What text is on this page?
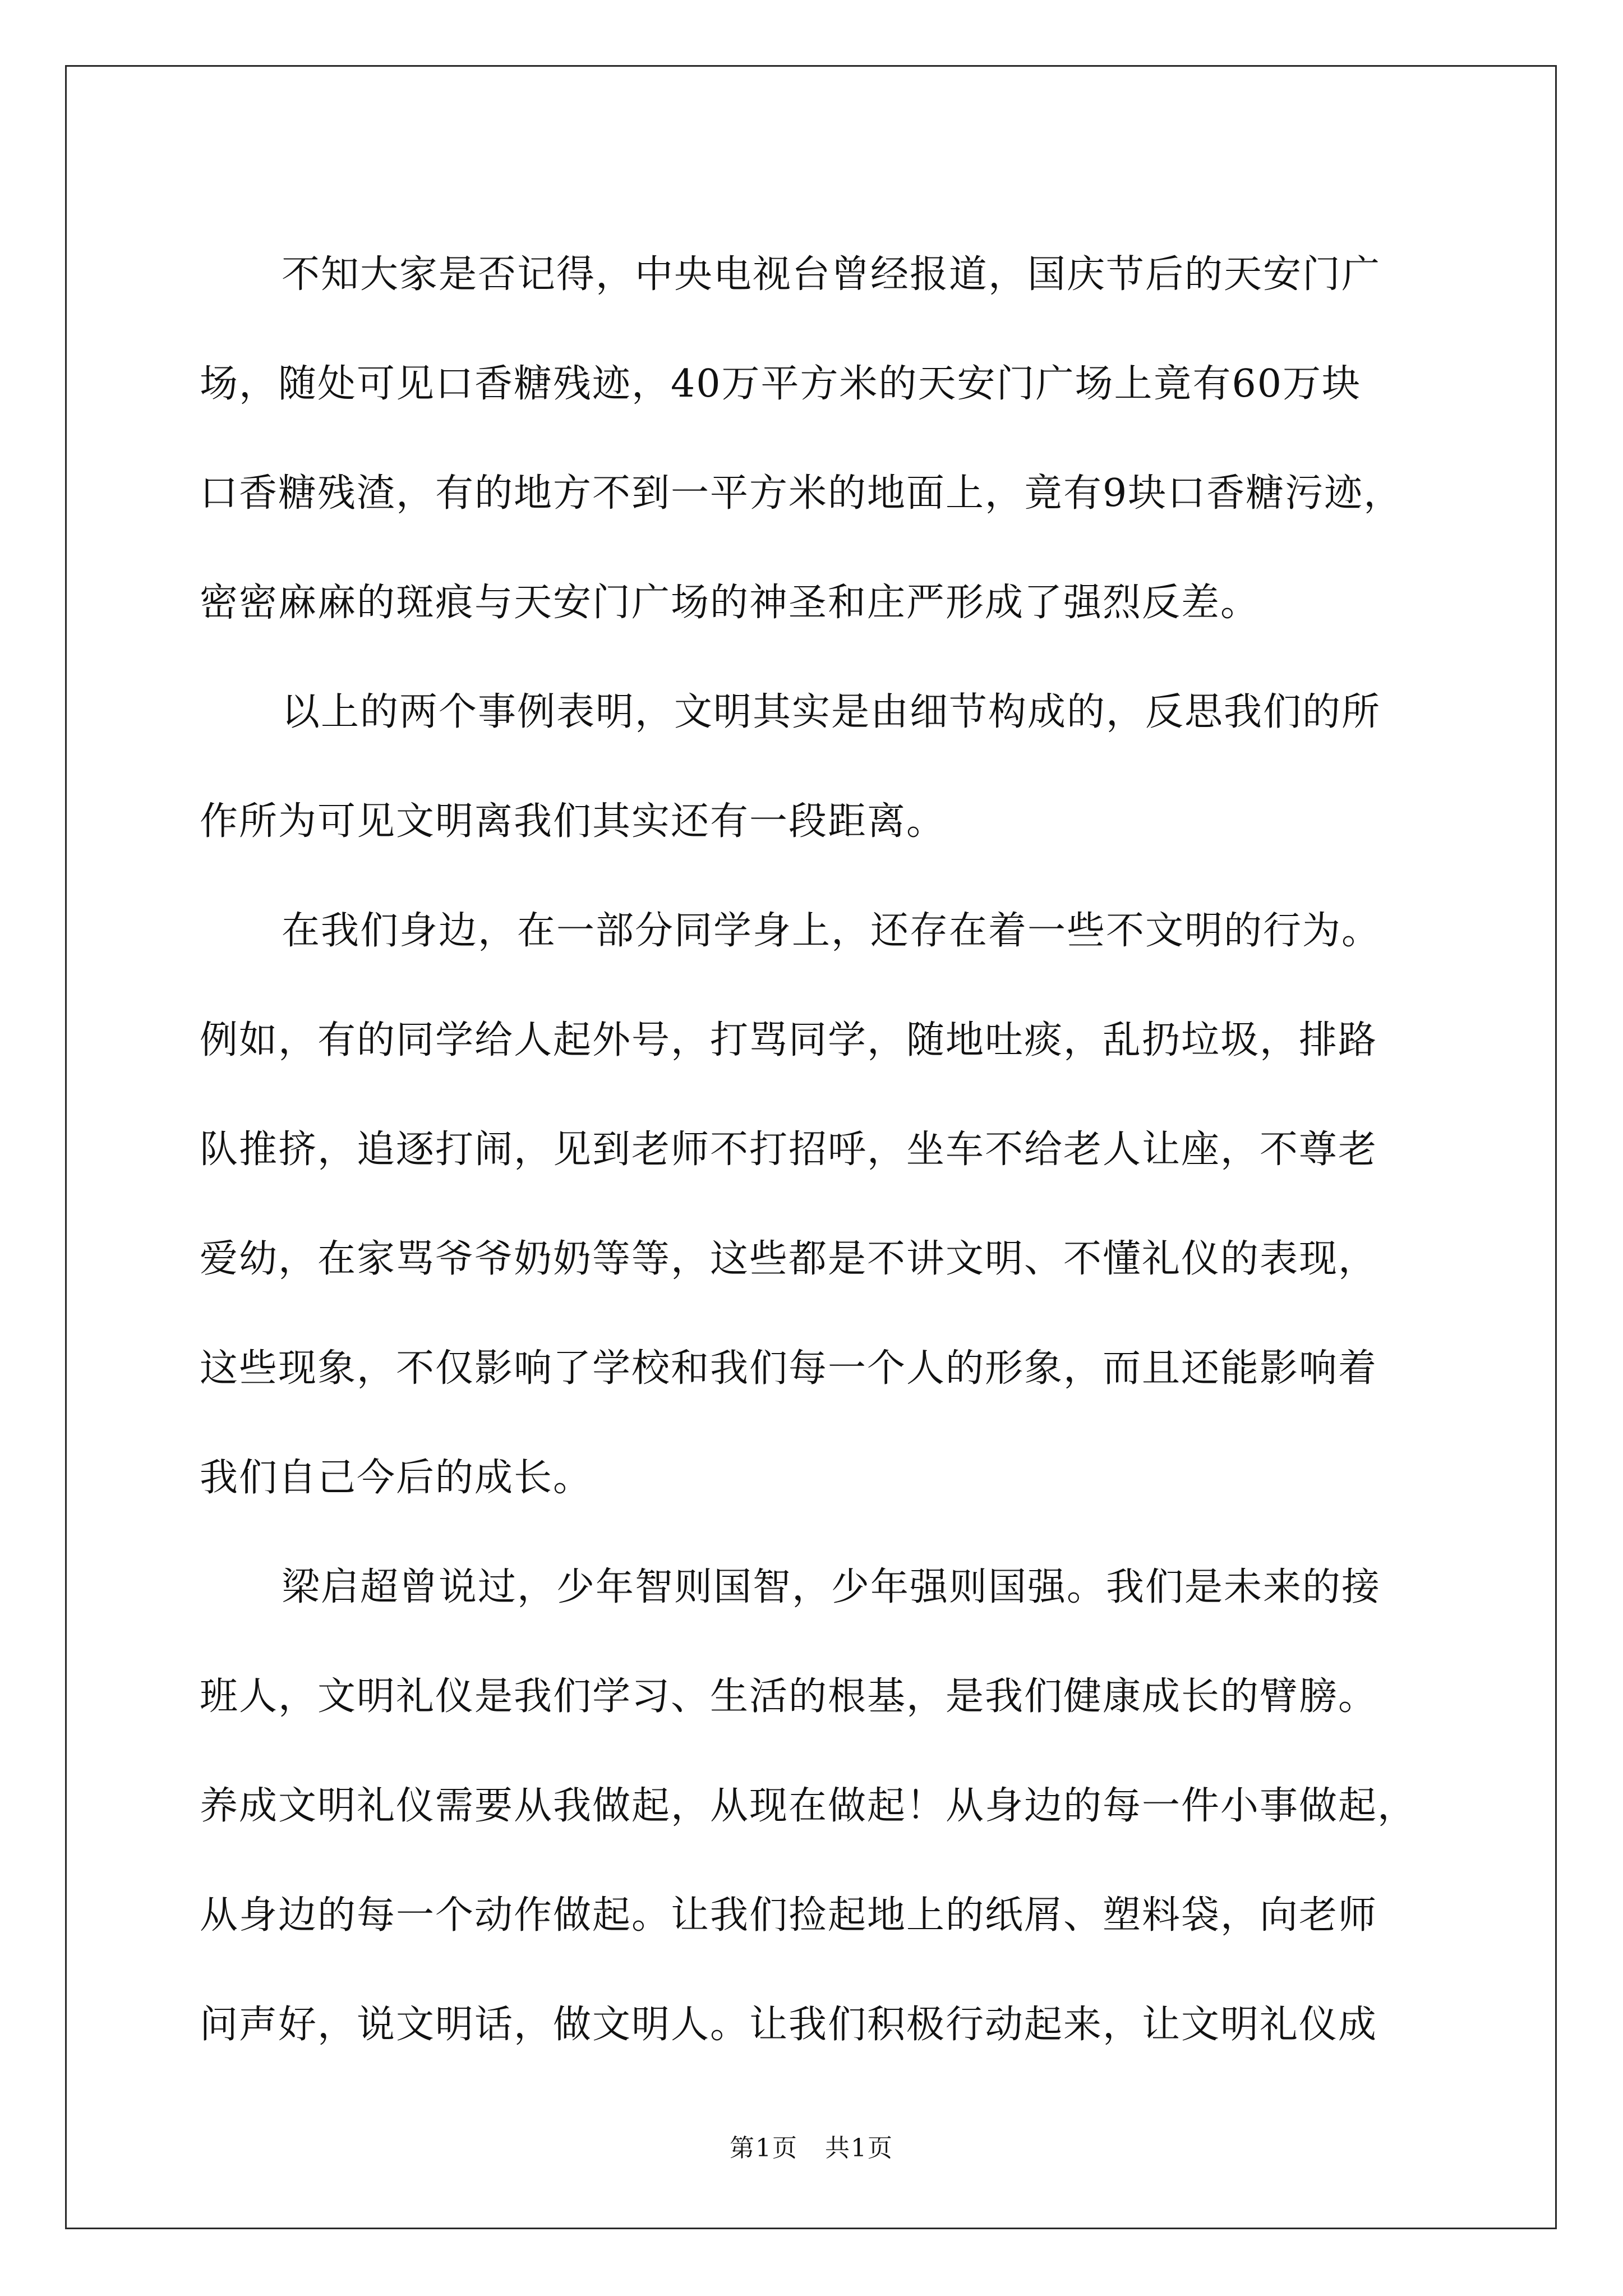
不知大家是否记得，中央电视台曾经报道，国庆节后的天安门广
场，随处可见口香糖残迹，40万平方米的天安门广场上竟有60万块
口香糖残渣，有的地方不到一平方米的地面上，竟有9块口香糖污迹，
密密麻麻的斑痕与天安门广场的神圣和庄严形成了强烈反差。
以上的两个事例表明，文明其实是由细节构成的，反思我们的所
作所为可见文明离我们其实还有一段距离。
在我们身边，在一部分同学身上，还存在着一些不文明的行为。
例如，有的同学给人起外号，打骂同学，随地吐痰，乱扔垃圾，排路
队推挤，追逐打闹，见到老师不打招呼，坐车不给老人让座，不尊老
爱幼，在家骂爷爷奶奶等等，这些都是不讲文明、不懂礼仪的表现，
这些现象，不仅影响了学校和我们每一个人的形象，而且还能影响着
我们自己今后的成长。
梁启超曾说过，少年智则国智，少年强则国强。我们是未来的接
班人，文明礼仪是我们学习、生活的根基，是我们健康成长的臂膀。
养成文明礼仪需要从我做起，从现在做起！从身边的每一件小事做起，
从身边的每一个动作做起。让我们捡起地上的纸屑、塑料袋，向老师
问声好，说文明话，做文明人。让我们积极行动起来，让文明礼仪成
第1页 共1页
